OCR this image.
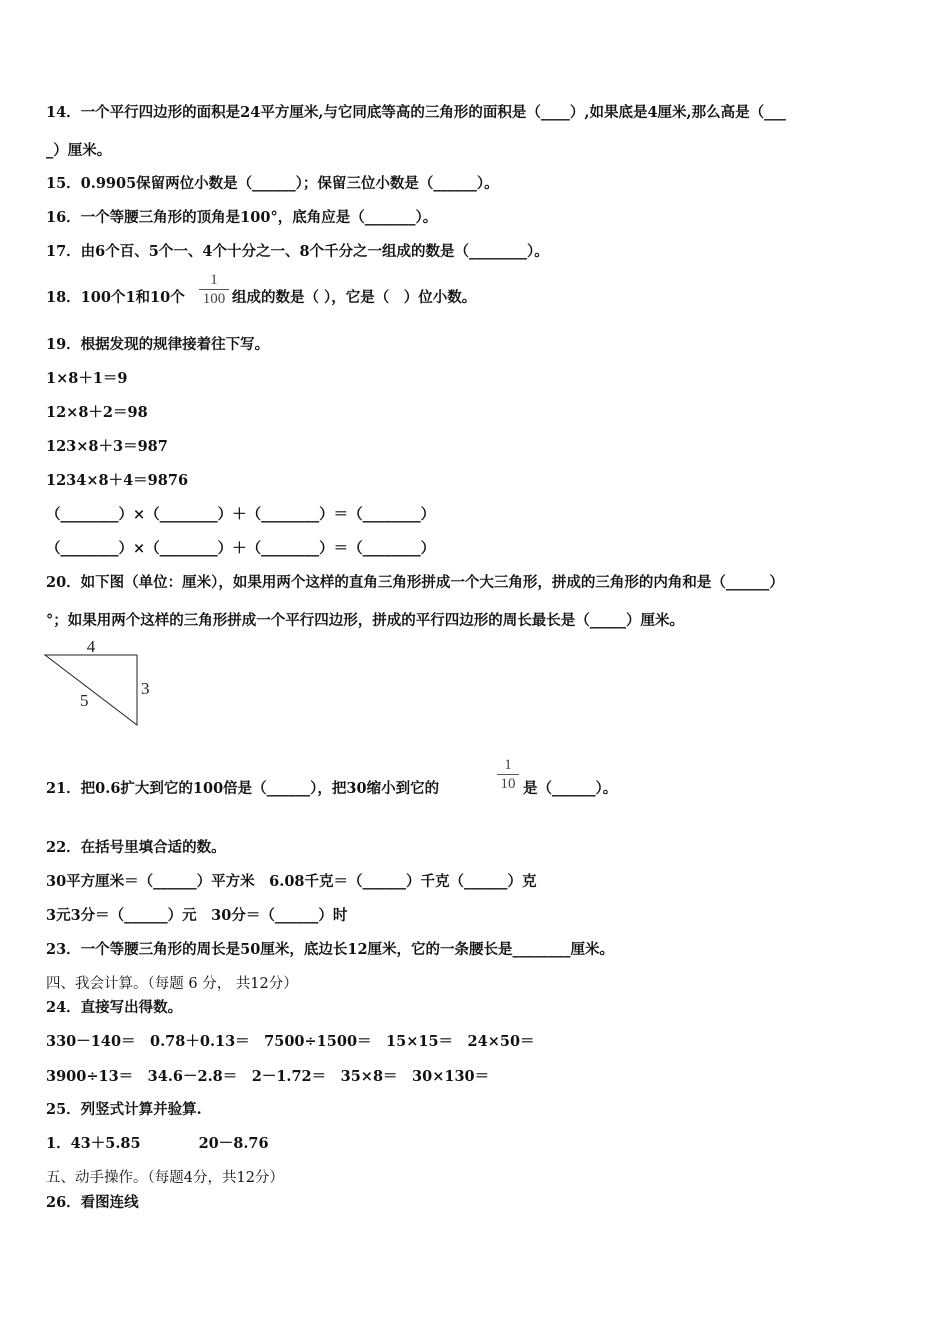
14．一个平行四边形的面积是24平方厘米,与它同底等高的三角形的面积是（____）,如果底是4厘米,那么高是（___
_）厘米。
15．0.9905保留两位小数是（______）；保留三位小数是（______）。
16．一个等腰三角形的顶角是100°，底角应是（_______）。
17．由6个百、5个一、4个十分之一、8个千分之一组成的数是（________）。
18．100个1和10个
1
100 组成的数是（ ），它是（　）位小数。
19．根据发现的规律接着往下写。
1×8＋1＝9
12×8＋2＝98
123×8＋3＝987
1234×8＋4＝9876
（________）×（________）＋（________）＝（________）
（________）×（________）＋（________）＝（________）
20．如下图（单位：厘米），如果用两个这样的直角三角形拼成一个大三角形，拼成的三角形的内角和是（______）
°；如果用两个这样的三角形拼成一个平行四边形，拼成的平行四边形的周长最长是（_____）厘米。
4
3
5
21．把0.6扩大到它的100倍是（______），把30缩小到它的
1
10 是（______）。
22．在括号里填合适的数。
30平方厘米＝（______）平方米　6.08千克＝（______）千克（______）克
3元3分＝（______）元　30分＝（______）时
23．一个等腰三角形的周长是50厘米，底边长12厘米，它的一条腰长是________厘米。
四、我会计算。（每题 6 分， 共12分）
24．直接写出得数。
330－140＝　0.78＋0.13＝　7500÷1500＝　15×15＝　24×50＝
3900÷13＝　34.6－2.8＝　2－1.72＝　35×8＝　30×130＝
25．列竖式计算并验算.
1．43＋5.85　　　　20－8.76
五、动手操作。（每题4分，共12分）
26．看图连线
